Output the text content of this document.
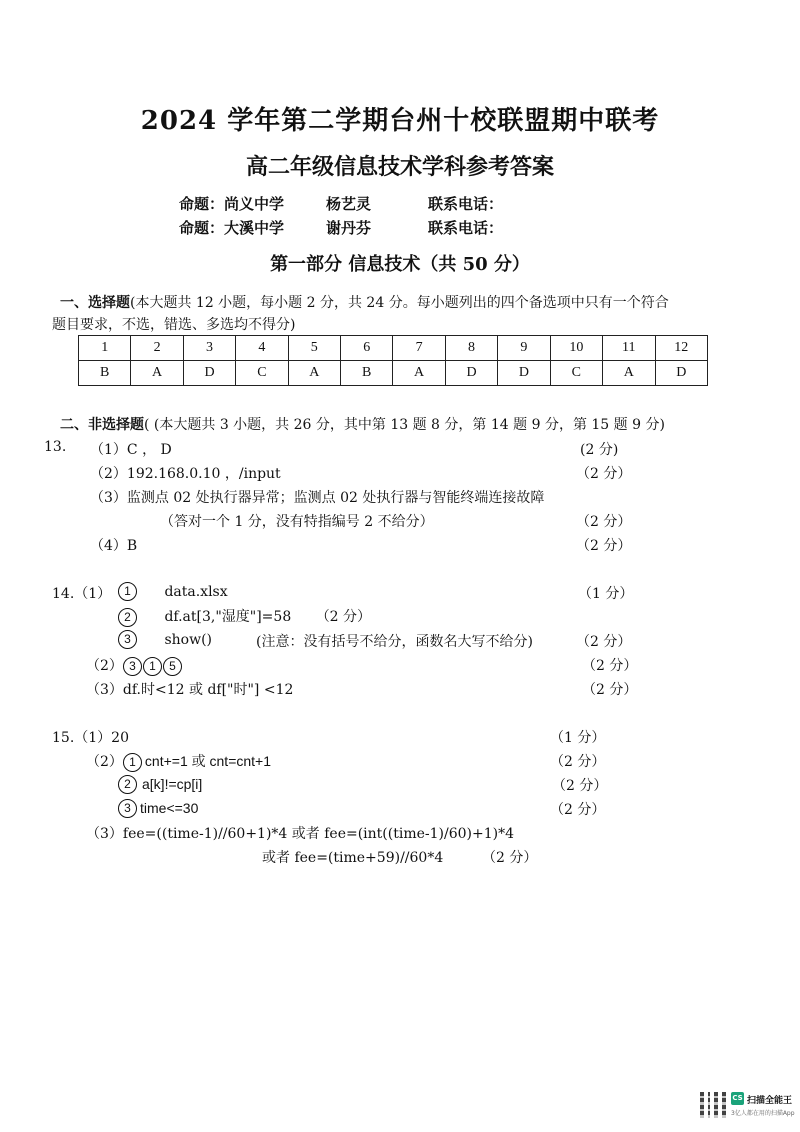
2024 学年第二学期台州十校联盟期中联考
高二年级信息技术学科参考答案
命题：尚义中学	杨艺灵	联系电话：
命题：大溪中学	谢丹芬	联系电话：
第一部分 信息技术（共 50 分）
一、选择题(本大题共 12 小题，每小题 2 分，共 24 分。每小题列出的四个备选项中只有一个符合
题目要求，不选，错选、多选均不得分)
1	2	3	4	5	6	7	8	9	10	11	12
B	A	D	C	A	B	A	D	D	C	A	D
二、非选择题( (本大题共 3 小题，共 26 分，其中第 13 题 8 分，第 14 题 9 分，第 15 题 9 分)
13. （1）C ， D	(2 分)
（2）192.168.0.10 ，/input	（2 分）
（3）监测点 02 处执行器异常；监测点 02 处执行器与智能终端连接故障
（答对一个 1 分，没有特指编号 2 不给分）	（2 分）
（4）B	（2 分）
14.（1）	1 data.xlsx	（1 分）
2 df.at[3,"湿度"]=58 （2 分）
3 show()	(注意：没有括号不给分，函数名大写不给分)	（2 分）
（2） 3 1 5	（2 分）
（3）df.时<12 或 df["时"] <12	（2 分）
15.（1）20	（1 分）
（2） 1 cnt+=1 或 cnt=cnt+1	（2 分）
2 a[k]!=cp[i]	（2 分）
3 time<=30	（2 分）
（3）fee=((time-1)//60+1)*4 或者 fee=(int((time-1)/60)+1)*4
或者 fee=(time+59)//60*4	（2 分）
CS 扫描全能王
3亿人都在用的扫描App
